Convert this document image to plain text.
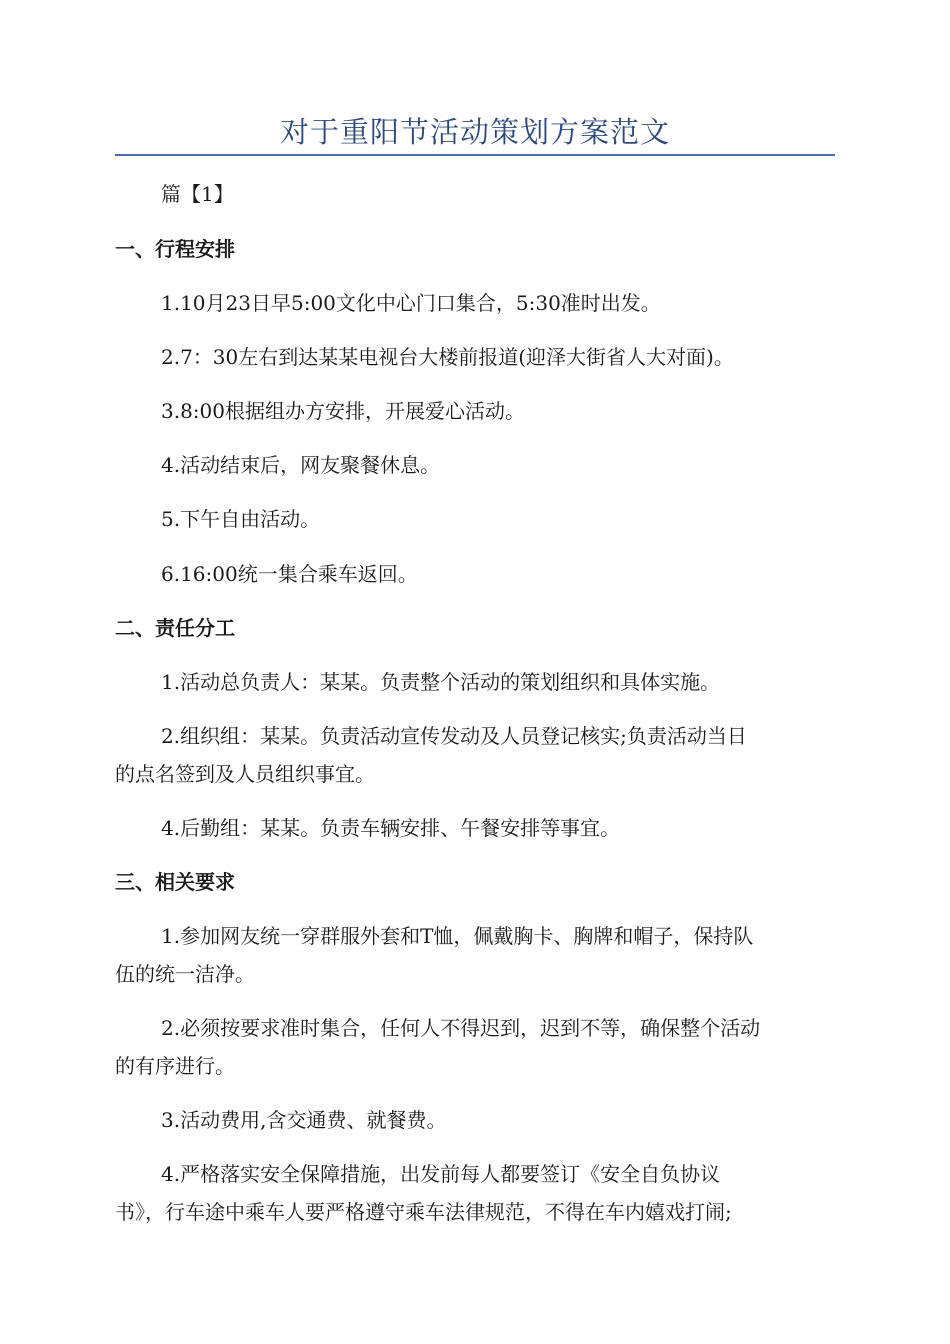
对于重阳节活动策划方案范文

篇【1】

一、行程安排

1.10月23日早5:00文化中心门口集合，5:30准时出发。

2.7：30左右到达某某电视台大楼前报道(迎泽大街省人大对面)。

3.8:00根据组办方安排，开展爱心活动。

4.活动结束后，网友聚餐休息。

5.下午自由活动。

6.16:00统一集合乘车返回。

二、责任分工

1.活动总负责人：某某。负责整个活动的策划组织和具体实施。

2.组织组：某某。负责活动宣传发动及人员登记核实;负责活动当日

的点名签到及人员组织事宜。

4.后勤组：某某。负责车辆安排、午餐安排等事宜。

三、相关要求

1.参加网友统一穿群服外套和T恤，佩戴胸卡、胸牌和帽子，保持队

伍的统一洁净。

2.必须按要求准时集合，任何人不得迟到，迟到不等，确保整个活动

的有序进行。

3.活动费用,含交通费、就餐费。

4.严格落实安全保障措施，出发前每人都要签订《安全自负协议

书》，行车途中乘车人要严格遵守乘车法律规范，不得在车内嬉戏打闹;
